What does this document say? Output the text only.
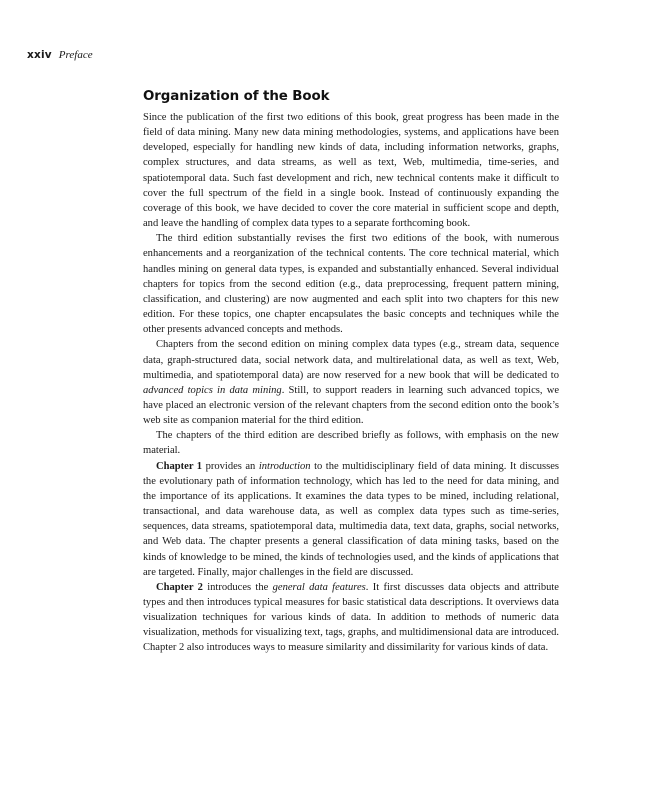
xxiv Preface
Organization of the Book

Since the publication of the first two editions of this book, great progress has been made in the field of data mining. Many new data mining methodologies, systems, and applications have been developed, especially for handling new kinds of data, including information networks, graphs, complex structures, and data streams, as well as text, Web, multimedia, time-series, and spatiotemporal data. Such fast development and rich, new technical contents make it difficult to cover the full spectrum of the field in a single book. Instead of continuously expanding the coverage of this book, we have decided to cover the core material in sufficient scope and depth, and leave the handling of complex data types to a separate forthcoming book.

The third edition substantially revises the first two editions of the book, with numerous enhancements and a reorganization of the technical contents. The core technical material, which handles mining on general data types, is expanded and substantially enhanced. Several individual chapters for topics from the second edition (e.g., data preprocessing, frequent pattern mining, classification, and clustering) are now augmented and each split into two chapters for this new edition. For these topics, one chapter encapsulates the basic concepts and techniques while the other presents advanced concepts and methods.

Chapters from the second edition on mining complex data types (e.g., stream data, sequence data, graph-structured data, social network data, and multirelational data, as well as text, Web, multimedia, and spatiotemporal data) are now reserved for a new book that will be dedicated to advanced topics in data mining. Still, to support readers in learning such advanced topics, we have placed an electronic version of the relevant chapters from the second edition onto the book’s web site as companion material for the third edition.

The chapters of the third edition are described briefly as follows, with emphasis on the new material.

Chapter 1 provides an introduction to the multidisciplinary field of data mining. It discusses the evolutionary path of information technology, which has led to the need for data mining, and the importance of its applications. It examines the data types to be mined, including relational, transactional, and data warehouse data, as well as complex data types such as time-series, sequences, data streams, spatiotemporal data, multimedia data, text data, graphs, social networks, and Web data. The chapter presents a general classification of data mining tasks, based on the kinds of knowledge to be mined, the kinds of technologies used, and the kinds of applications that are targeted. Finally, major challenges in the field are discussed.

Chapter 2 introduces the general data features. It first discusses data objects and attribute types and then introduces typical measures for basic statistical data descriptions. It overviews data visualization techniques for various kinds of data. In addition to methods of numeric data visualization, methods for visualizing text, tags, graphs, and multidimensional data are introduced. Chapter 2 also introduces ways to measure similarity and dissimilarity for various kinds of data.
